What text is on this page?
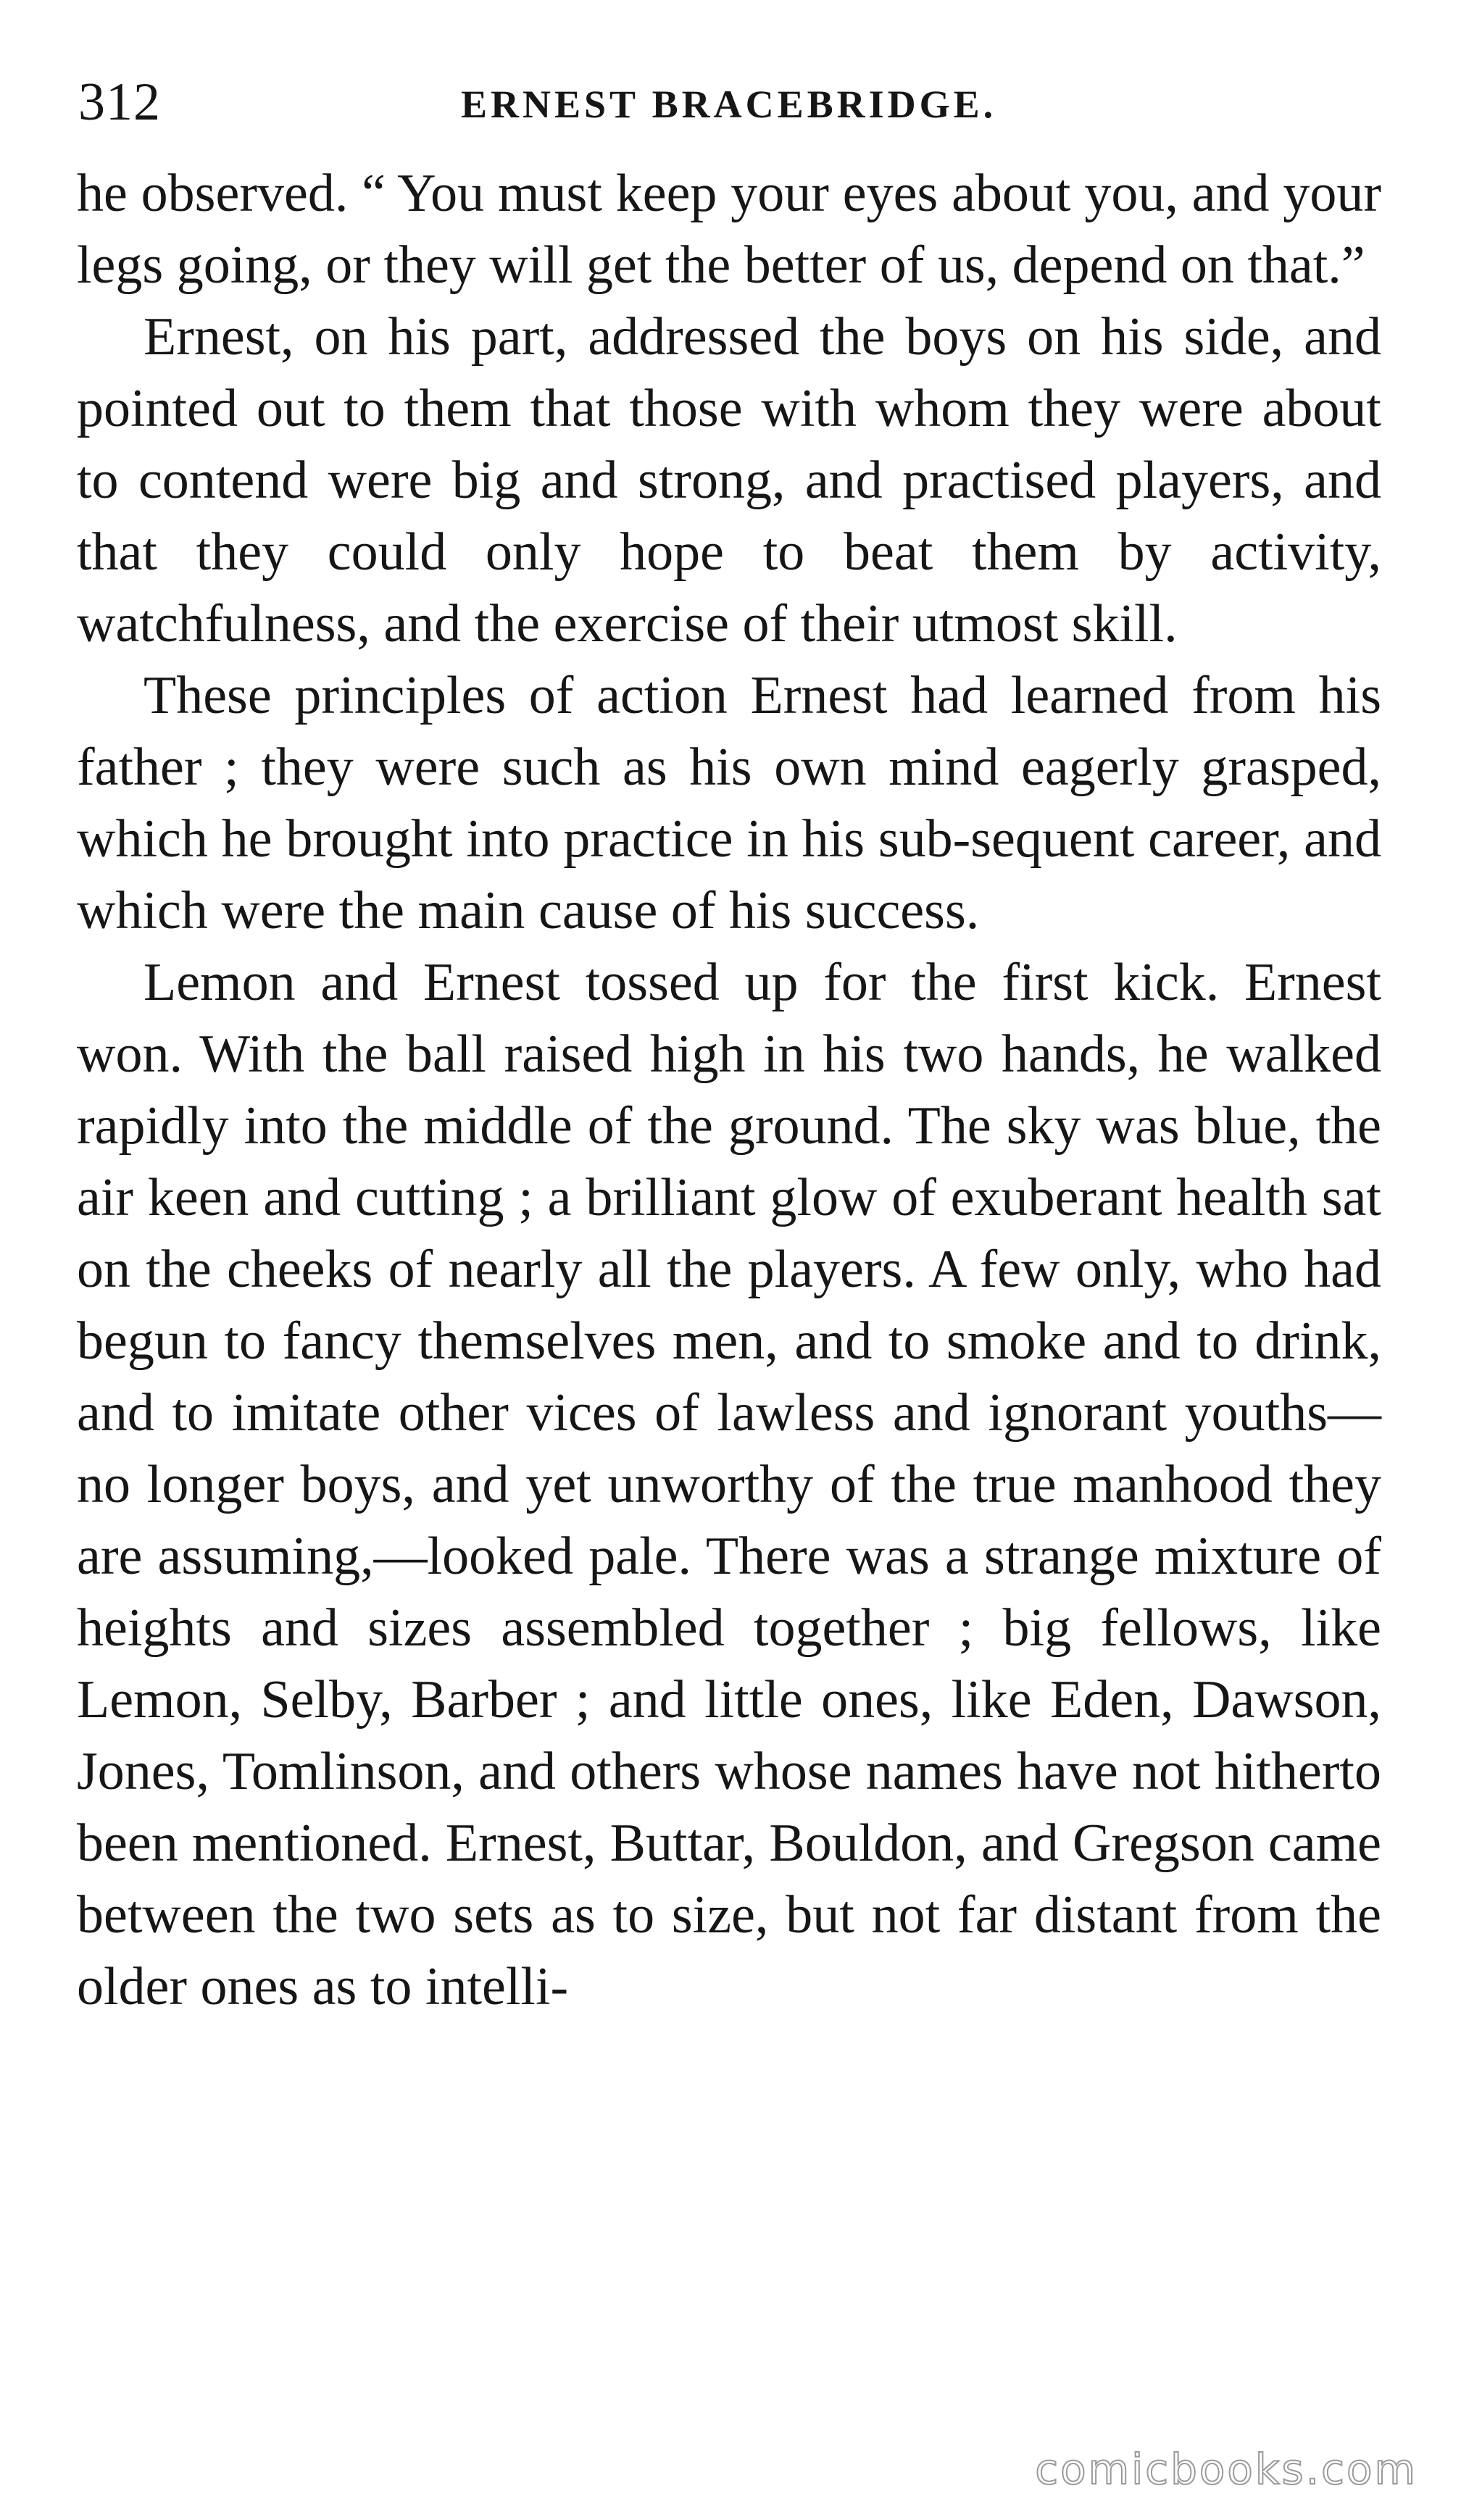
312	ERNEST BRACEBRIDGE.

he observed. “ You must keep your eyes about you, and your legs going, or they will get the better of us, depend on that.”

Ernest, on his part, addressed the boys on his side, and pointed out to them that those with whom they were about to contend were big and strong, and practised players, and that they could only hope to beat them by activity, watchfulness, and the exercise of their utmost skill.

These principles of action Ernest had learned from his father ; they were such as his own mind eagerly grasped, which he brought into practice in his sub-sequent career, and which were the main cause of his success.

Lemon and Ernest tossed up for the first kick. Ernest won. With the ball raised high in his two hands, he walked rapidly into the middle of the ground. The sky was blue, the air keen and cutting ; a brilliant glow of exuberant health sat on the cheeks of nearly all the players. A few only, who had begun to fancy themselves men, and to smoke and to drink, and to imitate other vices of lawless and ignorant youths—no longer boys, and yet unworthy of the true manhood they are assuming,—looked pale. There was a strange mixture of heights and sizes assembled together ; big fellows, like Lemon, Selby, Barber ; and little ones, like Eden, Dawson, Jones, Tomlinson, and others whose names have not hitherto been mentioned. Ernest, Buttar, Bouldon, and Gregson came between the two sets as to size, but not far distant from the older ones as to intelli-

comicbooks.com
